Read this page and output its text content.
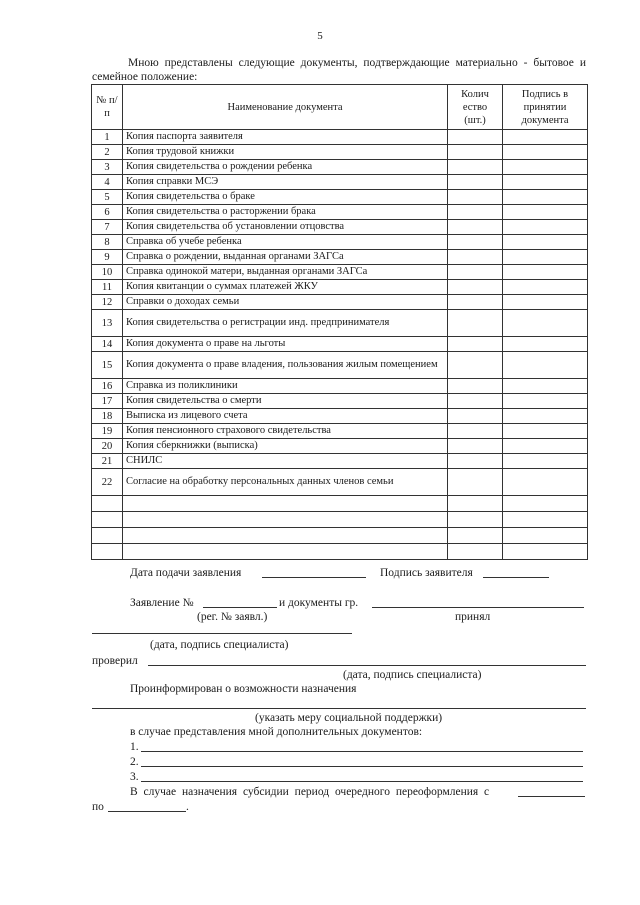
5
Мною представлены следующие документы, подтверждающие материально - бытовое и семейное положение:
№ п/п	Наименование документа	Колич ество (шт.)	Подпись в принятии документа
1	Копия паспорта заявителя		
2	Копия трудовой книжки		
3	Копия свидетельства о рождении ребенка		
4	Копия справки МСЭ		
5	Копия свидетельства о браке		
6	Копия свидетельства о расторжении брака		
7	Копия свидетельства об установлении отцовства		
8	Справка об учебе ребенка		
9	Справка о рождении, выданная органами ЗАГСа		
10	Справка одинокой матери, выданная органами ЗАГСа		
11	Копия квитанции о суммах платежей ЖКУ		
12	Справки о доходах семьи		
13	Копия свидетельства о регистрации инд. предпринимателя		
14	Копия документа о праве на льготы		
15	Копия документа о праве владения, пользования жилым помещением		
16	Справка из поликлиники		
17	Копия свидетельства о смерти		
18	Выписка из лицевого счета		
19	Копия пенсионного страхового свидетельства		
20	Копия сберкнижки (выписка)		
21	СНИЛС		
22	Согласие на обработку персональных данных членов семьи		

Дата подачи заявления	Подпись заявителя
Заявление №	и документы гр.
(рег. № заявл.)	принял
(дата, подпись специалиста)
проверил
(дата, подпись специалиста)
Проинформирован о возможности назначения
(указать меру социальной поддержки)
в случае представления мной дополнительных документов:
1.
2.
3.
В случае назначения субсидии период очередного переоформления с
по	.
